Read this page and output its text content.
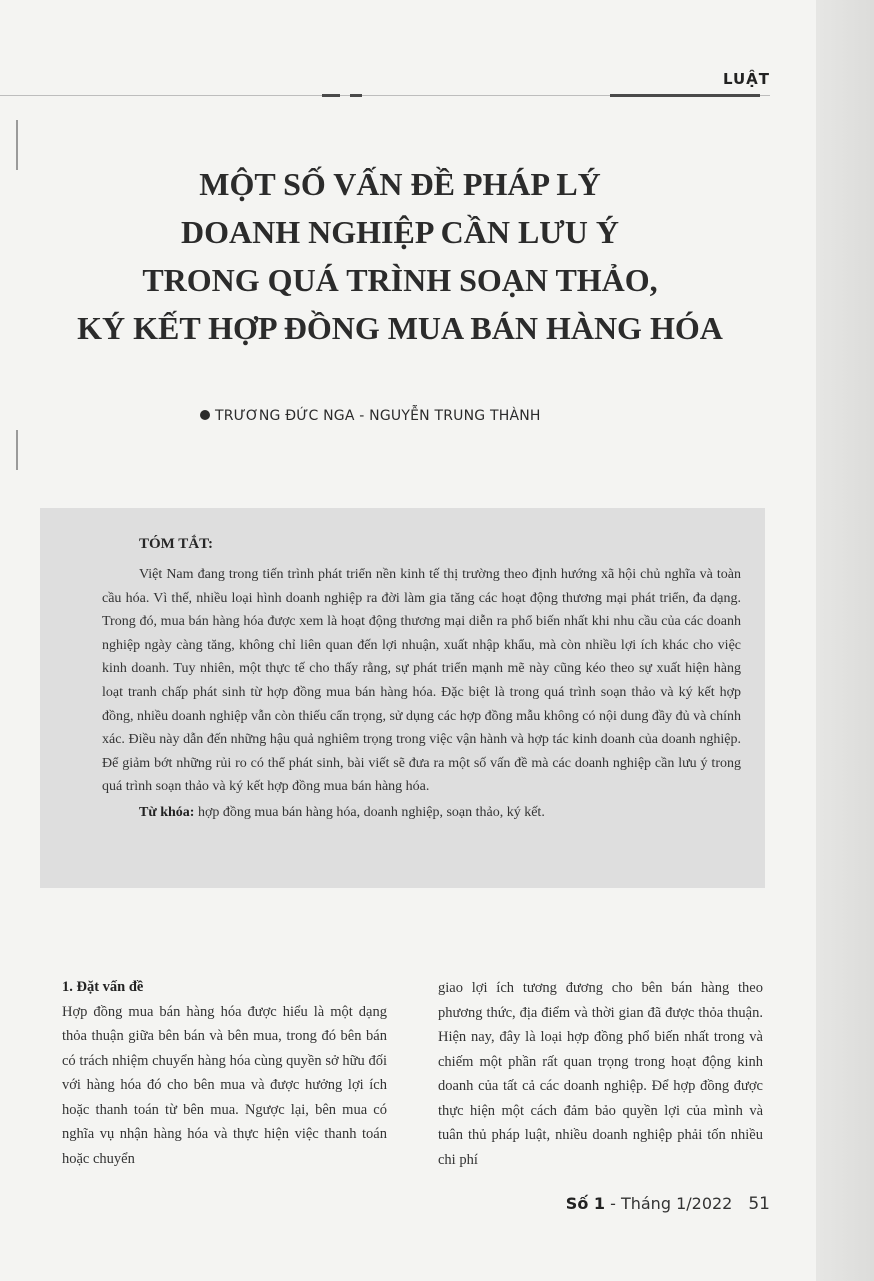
LUẬT
MỘT SỐ VẤN ĐỀ PHÁP LÝ
DOANH NGHIỆP CẦN LƯU Ý
TRONG QUÁ TRÌNH SOẠN THẢO,
KÝ KẾT HỢP ĐỒNG MUA BÁN HÀNG HÓA
TRƯƠNG ĐỨC NGA - NGUYỄN TRUNG THÀNH
TÓM TẮT:
Việt Nam đang trong tiến trình phát triển nền kinh tế thị trường theo định hướng xã hội chủ nghĩa và toàn cầu hóa. Vì thế, nhiều loại hình doanh nghiệp ra đời làm gia tăng các hoạt động thương mại phát triển, đa dạng. Trong đó, mua bán hàng hóa được xem là hoạt động thương mại diễn ra phổ biến nhất khi nhu cầu của các doanh nghiệp ngày càng tăng, không chỉ liên quan đến lợi nhuận, xuất nhập khẩu, mà còn nhiều lợi ích khác cho việc kinh doanh. Tuy nhiên, một thực tế cho thấy rằng, sự phát triển mạnh mẽ này cũng kéo theo sự xuất hiện hàng loạt tranh chấp phát sinh từ hợp đồng mua bán hàng hóa. Đặc biệt là trong quá trình soạn thảo và ký kết hợp đồng, nhiều doanh nghiệp vẫn còn thiếu cẩn trọng, sử dụng các hợp đồng mẫu không có nội dung đầy đủ và chính xác. Điều này dẫn đến những hậu quả nghiêm trọng trong việc vận hành và hợp tác kinh doanh của doanh nghiệp. Để giảm bớt những rủi ro có thể phát sinh, bài viết sẽ đưa ra một số vấn đề mà các doanh nghiệp cần lưu ý trong quá trình soạn thảo và ký kết hợp đồng mua bán hàng hóa.
Từ khóa: hợp đồng mua bán hàng hóa, doanh nghiệp, soạn thảo, ký kết.
1. Đặt vấn đề
Hợp đồng mua bán hàng hóa được hiểu là một dạng thỏa thuận giữa bên bán và bên mua, trong đó bên bán có trách nhiệm chuyển hàng hóa cùng quyền sở hữu đối với hàng hóa đó cho bên mua và được hưởng lợi ích hoặc thanh toán từ bên mua. Ngược lại, bên mua có nghĩa vụ nhận hàng hóa và thực hiện việc thanh toán hoặc chuyển
giao lợi ích tương đương cho bên bán hàng theo phương thức, địa điểm và thời gian đã được thỏa thuận. Hiện nay, đây là loại hợp đồng phổ biến nhất trong và chiếm một phần rất quan trọng trong hoạt động kinh doanh của tất cả các doanh nghiệp. Để hợp đồng được thực hiện một cách đảm bảo quyền lợi của mình và tuân thủ pháp luật, nhiều doanh nghiệp phải tốn nhiều chi phí
Số 1 - Tháng 1/2022 51
